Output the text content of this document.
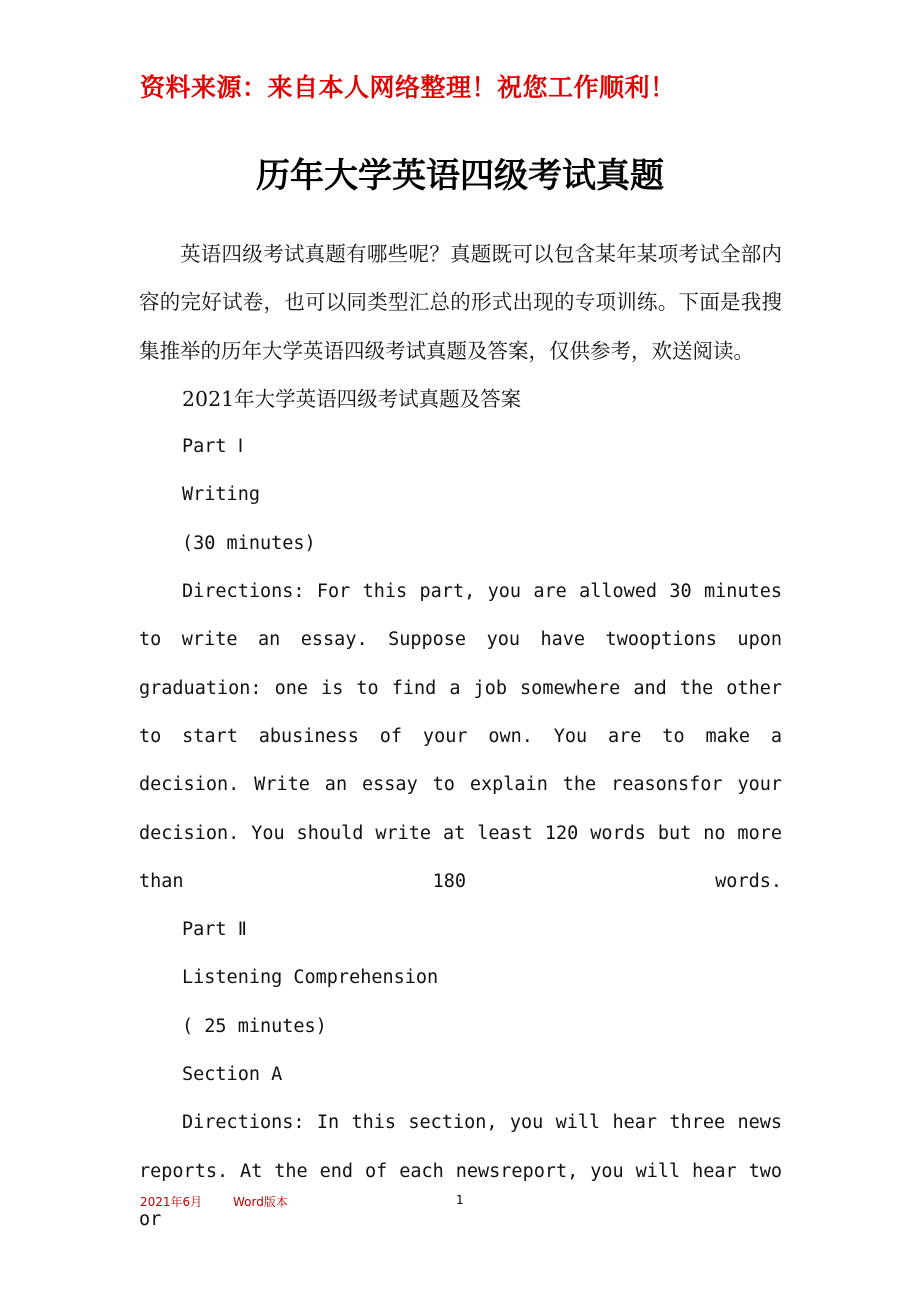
资料来源：来自本人网络整理！祝您工作顺利！
历年大学英语四级考试真题

英语四级考试真题有哪些呢？真题既可以包含某年某项考试全部内容的完好试卷，也可以同类型汇总的形式出现的专项训练。下面是我搜集推举的历年大学英语四级考试真题及答案，仅供参考，欢送阅读。

2021年大学英语四级考试真题及答案

Part Ⅰ

Writing

(30 minutes)

Directions: For this part, you are allowed 30 minutes to write an essay. Suppose you have twooptions upon graduation: one is to find a job somewhere and the other to start abusiness of your own. You are to make a decision. Write an essay to explain the reasonsfor your decision. You should write at least 120 words but no more than 180 words.

Part Ⅱ

Listening Comprehension

( 25 minutes)

Section A

Directions: In this section, you will hear three news reports. At the end of each newsreport, you will hear two or

2021年6月	Word版本	1
